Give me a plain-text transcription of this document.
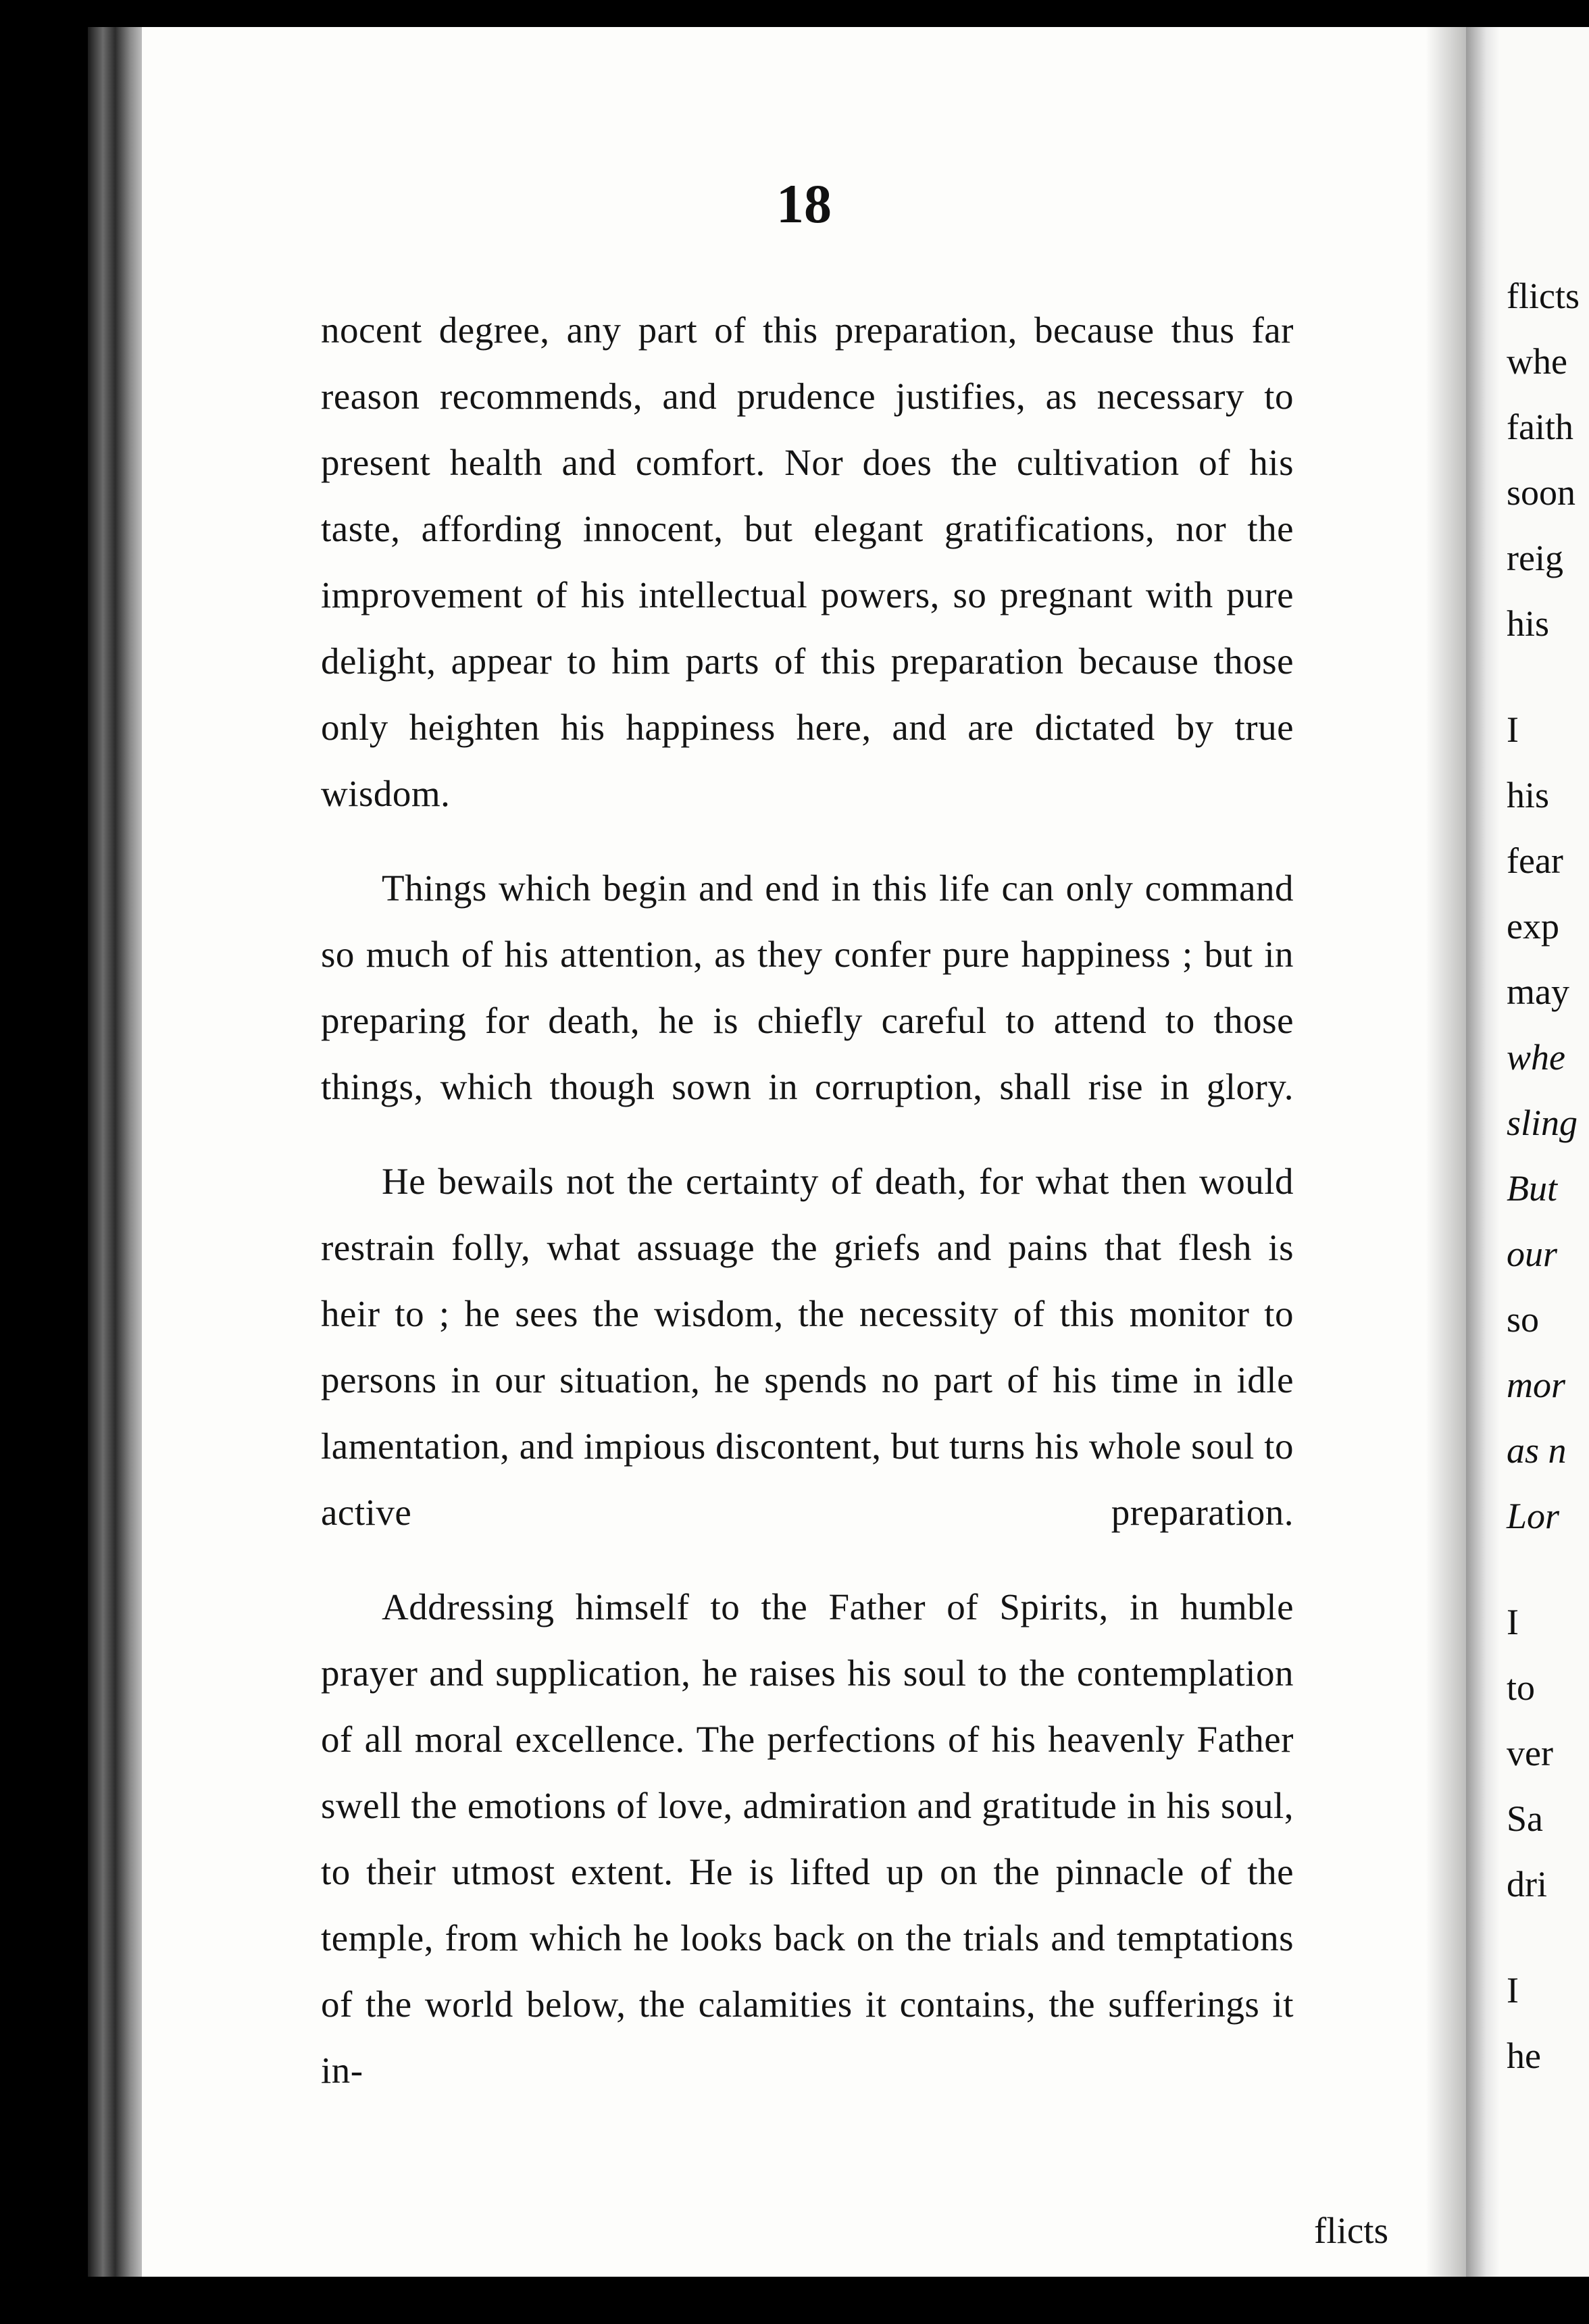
18

nocent degree, any part of this preparation, because thus far reason recommends, and prudence justifies, as necessary to present health and comfort. Nor does the cultivation of his taste, affording innocent, but elegant gratifications, nor the improvement of his intellectual powers, so pregnant with pure delight, appear to him parts of this preparation because those only heighten his happiness here, and are dictated by true wisdom.

Things which begin and end in this life can only command so much of his attention, as they confer pure happiness ; but in preparing for death, he is chiefly careful to attend to those things, which though sown in corruption, shall rise in glory.

He bewails not the certainty of death, for what then would restrain folly, what assuage the griefs and pains that flesh is heir to ; he sees the wisdom, the necessity of this monitor to persons in our situation, he spends no part of his time in idle lamentation, and impious discontent, but turns his whole soul to active preparation.

Addressing himself to the Father of Spirits, in humble prayer and supplication, he raises his soul to the contemplation of all moral excellence. The perfections of his heavenly Father swell the emotions of love, admiration and gratitude in his soul, to their utmost extent. He is lifted up on the pinnacle of the temple, from which he looks back on the trials and temptations of the world below, the calamities it contains, the sufferings it in-

flicts
flicts
whe
faith
soon
reig
his
I
his
fear
exp
may
whe
sling
But
our
so
mor
as n
Lor
I
to
ver
Sa
dri
I
he
